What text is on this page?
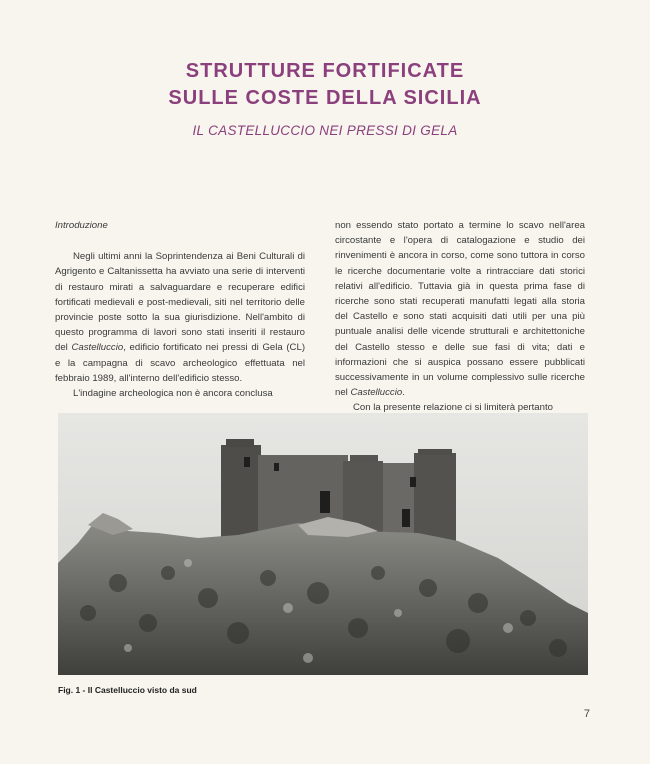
STRUTTURE FORTIFICATE
SULLE COSTE DELLA SICILIA
IL CASTELLUCCIO NEI PRESSI DI GELA
Introduzione

Negli ultimi anni la Soprintendenza ai Beni Culturali di Agrigento e Caltanissetta ha avviato una serie di interventi di restauro mirati a salvaguardare e recuperare edifici fortificati medievali e post-medievali, siti nel territorio delle provincie poste sotto la sua giurisdizione. Nell'ambito di questo programma di lavori sono stati inseriti il restauro del Castelluccio, edificio fortificato nei pressi di Gela (CL) e la campagna di scavo archeologico effettuata nel febbraio 1989, all'interno dell'edificio stesso.

L'indagine archeologica non è ancora conclusa

non essendo stato portato a termine lo scavo nell'area circostante e l'opera di catalogazione e studio dei rinvenimenti è ancora in corso, come sono tuttora in corso le ricerche documentarie volte a rintracciare dati storici relativi all'edificio. Tuttavia già in questa prima fase di ricerche sono stati recuperati manufatti legati alla storia del Castello e sono stati acquisiti dati utili per una più puntuale analisi delle vicende strutturali e architettoniche del Castello stesso e delle sue fasi di vita; dati e informazioni che si auspica possano essere pubblicati successivamente in un volume complessivo sulle ricerche nel Castelluccio.

Con la presente relazione ci si limiterà pertanto

Fig. 1 - Il Castelluccio visto da sud
7
